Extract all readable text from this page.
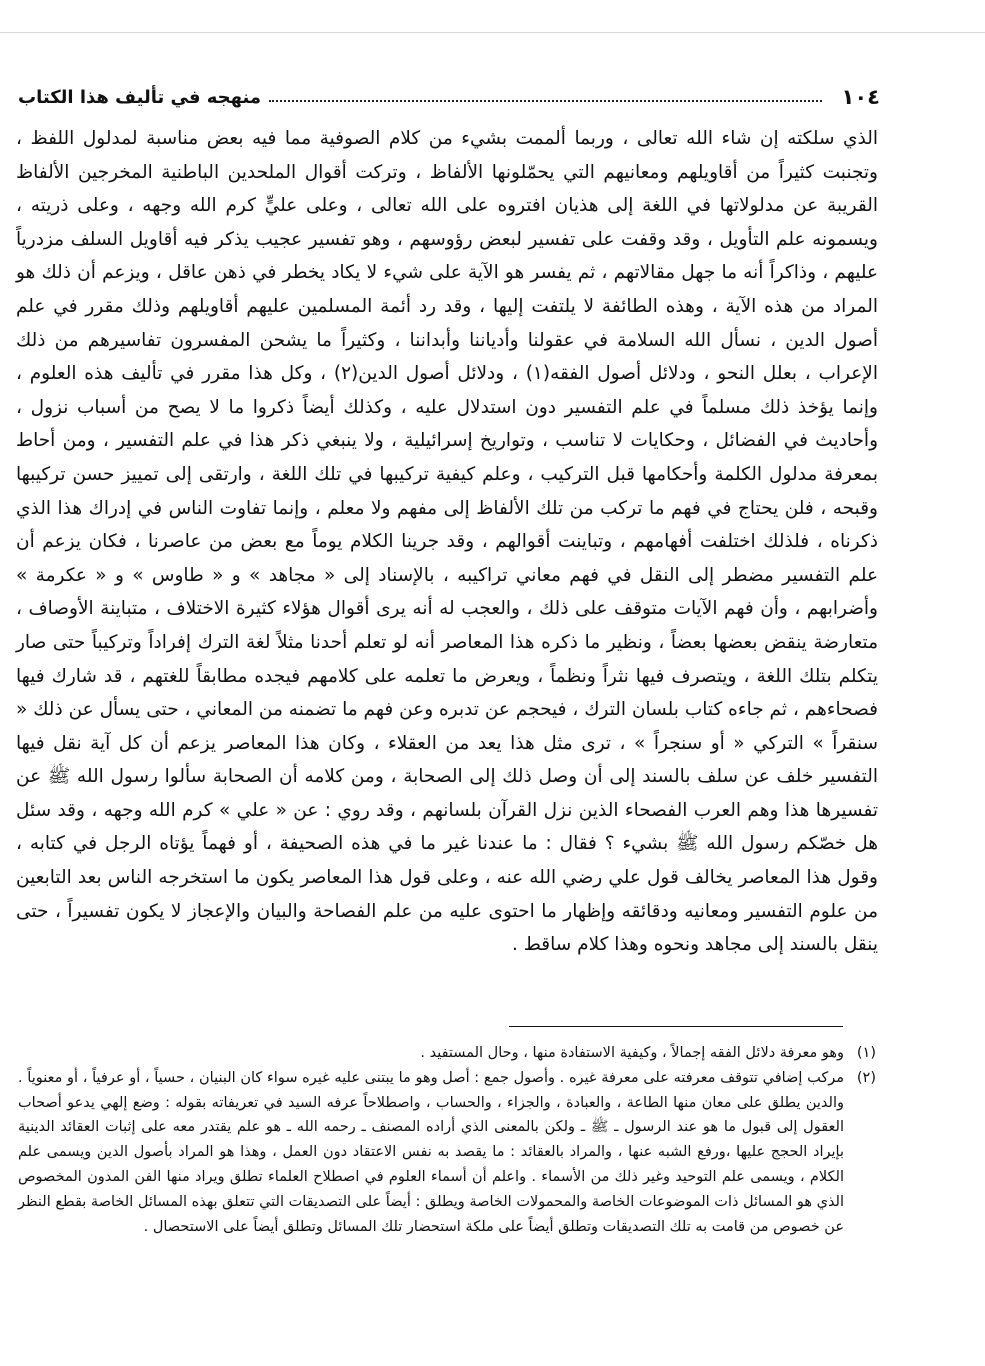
١٠٤
منهجه في تأليف هذا الكتاب

الذي سلكته إن شاء الله تعالى ، وربما ألممت بشيء من كلام الصوفية مما فيه بعض مناسبة لمدلول اللفظ ، وتجنبت كثيراً من أقاويلهم ومعانيهم التي يحمّلونها الألفاظ ، وتركت أقوال الملحدين الباطنية المخرجين الألفاظ القريبة عن مدلولاتها في اللغة إلى هذيان افتروه على الله تعالى ، وعلى عليٍّ كرم الله وجهه ، وعلى ذريته ، ويسمونه علم التأويل ، وقد وقفت على تفسير لبعض رؤوسهم ، وهو تفسير عجيب يذكر فيه أقاويل السلف مزدرياً عليهم ، وذاكراً أنه ما جهل مقالاتهم ، ثم يفسر هو الآية على شيء لا يكاد يخطر في ذهن عاقل ، ويزعم أن ذلك هو المراد من هذه الآية ، وهذه الطائفة لا يلتفت إليها ، وقد رد أئمة المسلمين عليهم أقاويلهم وذلك مقرر في علم أصول الدين ، نسأل الله السلامة في عقولنا وأدياننا وأبداننا ، وكثيراً ما يشحن المفسرون تفاسيرهم من ذلك الإعراب ، بعلل النحو ، ودلائل أصول الفقه(١) ، ودلائل أصول الدين(٢) ، وكل هذا مقرر في تأليف هذه العلوم ، وإنما يؤخذ ذلك مسلماً في علم التفسير دون استدلال عليه ، وكذلك أيضاً ذكروا ما لا يصح من أسباب نزول ، وأحاديث في الفضائل ، وحكايات لا تناسب ، وتواريخ إسرائيلية ، ولا ينبغي ذكر هذا في علم التفسير ، ومن أحاط بمعرفة مدلول الكلمة وأحكامها قبل التركيب ، وعلم كيفية تركيبها في تلك اللغة ، وارتقى إلى تمييز حسن تركيبها وقبحه ، فلن يحتاج في فهم ما تركب من تلك الألفاظ إلى مفهم ولا معلم ، وإنما تفاوت الناس في إدراك هذا الذي ذكرناه ، فلذلك اختلفت أفهامهم ، وتباينت أقوالهم ، وقد جرينا الكلام يوماً مع بعض من عاصرنا ، فكان يزعم أن علم التفسير مضطر إلى النقل في فهم معاني تراكيبه ، بالإسناد إلى « مجاهد » و « طاوس » و « عكرمة » وأضرابهم ، وأن فهم الآيات متوقف على ذلك ، والعجب له أنه يرى أقوال هؤلاء كثيرة الاختلاف ، متباينة الأوصاف ، متعارضة ينقض بعضها بعضاً ، ونظير ما ذكره هذا المعاصر أنه لو تعلم أحدنا مثلاً لغة الترك إفراداً وتركيباً حتى صار يتكلم بتلك اللغة ، ويتصرف فيها نثراً ونظماً ، ويعرض ما تعلمه على كلامهم فيجده مطابقاً للغتهم ، قد شارك فيها فصحاءهم ، ثم جاءه كتاب بلسان الترك ، فيحجم عن تدبره وعن فهم ما تضمنه من المعاني ، حتى يسأل عن ذلك « سنقراً » التركي « أو سنجراً » ، ترى مثل هذا يعد من العقلاء ، وكان هذا المعاصر يزعم أن كل آية نقل فيها التفسير خلف عن سلف بالسند إلى أن وصل ذلك إلى الصحابة ، ومن كلامه أن الصحابة سألوا رسول الله ﷺ عن تفسيرها هذا وهم العرب الفصحاء الذين نزل القرآن بلسانهم ، وقد روي : عن « علي » كرم الله وجهه ، وقد سئل هل خصّكم رسول الله ﷺ بشيء ؟ فقال : ما عندنا غير ما في هذه الصحيفة ، أو فهماً يؤتاه الرجل في كتابه ، وقول هذا المعاصر يخالف قول علي رضي الله عنه ، وعلى قول هذا المعاصر يكون ما استخرجه الناس بعد التابعين من علوم التفسير ومعانيه ودقائقه وإظهار ما احتوى عليه من علم الفصاحة والبيان والإعجاز لا يكون تفسيراً ، حتى ينقل بالسند إلى مجاهد ونحوه وهذا كلام ساقط .

(١)
وهو معرفة دلائل الفقه إجمالاً ، وكيفية الاستفادة منها ، وحال المستفيد .
(٢)
مركب إضافي تتوقف معرفته على معرفة غيره . وأصول جمع : أصل وهو ما يبتنى عليه غيره سواء كان البنيان ، حسياً ، أو عرفياً ، أو معنوياً . والدين يطلق على معان منها الطاعة ، والعبادة ، والجزاء ، والحساب ، واصطلاحاً عرفه السيد في تعريفاته بقوله : وضع إلهي يدعو أصحاب العقول إلى قبول ما هو عند الرسول ـ ﷺ ـ ولكن بالمعنى الذي أراده المصنف ـ رحمه الله ـ هو علم يقتدر معه على إثبات العقائد الدينية بإيراد الحجج عليها ،ورفع الشبه عنها ، والمراد بالعقائد : ما يقصد به نفس الاعتقاد دون العمل ، وهذا هو المراد بأصول الدين ويسمى علم الكلام ، ويسمى علم التوحيد وغير ذلك من الأسماء . واعلم أن أسماء العلوم في اصطلاح العلماء تطلق ويراد منها الفن المدون المخصوص الذي هو المسائل ذات الموضوعات الخاصة والمحمولات الخاصة ويطلق : أيضاً على التصديقات التي تتعلق بهذه المسائل الخاصة بقطع النظر عن خصوص من قامت به تلك التصديقات وتطلق أيضاً على ملكة استحضار تلك المسائل وتطلق أيضاً على الاستحصال .
